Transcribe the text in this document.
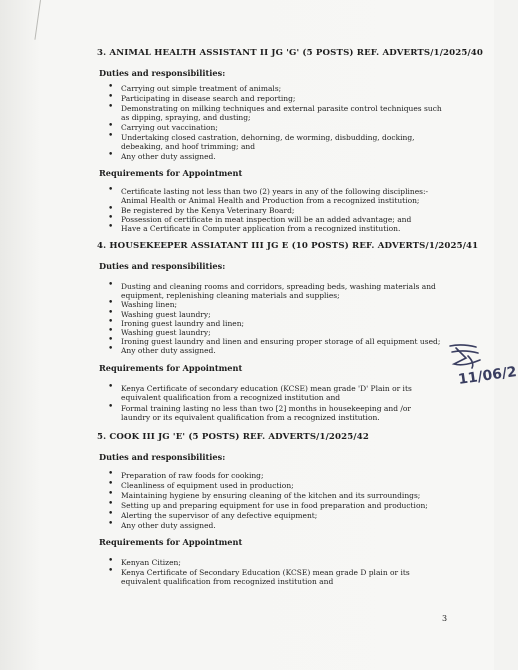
3. ANIMAL HEALTH ASSISTANT II JG 'G' (5 POSTS) REF. ADVERTS/1/2025/40
Duties and responsibilities:
• Carrying out simple treatment of animals;
• Participating in disease search and reporting;
• Demonstrating on milking techniques and external parasite control techniques such
as dipping, spraying, and dusting;
• Carrying out vaccination;
• Undertaking closed castration, dehorning, de worming, disbudding, docking,
debeaking, and hoof trimming; and
• Any other duty assigned.
Requirements for Appointment
• Certificate lasting not less than two (2) years in any of the following disciplines:-
Animal Health or Animal Health and Production from a recognized institution;
• Be registered by the Kenya Veterinary Board;
• Possession of certificate in meat inspection will be an added advantage; and
• Have a Certificate in Computer application from a recognized institution.
4. HOUSEKEEPER ASSIATANT III JG E (10 POSTS) REF. ADVERTS/1/2025/41
Duties and responsibilities:
• Dusting and cleaning rooms and corridors, spreading beds, washing materials and
equipment, replenishing cleaning materials and supplies;
• Washing linen;
• Washing guest laundry;
• Ironing guest laundry and linen;
• Washing guest laundry;
• Ironing guest laundry and linen and ensuring proper storage of all equipment used;
• Any other duty assigned.
Requirements for Appointment
• Kenya Certificate of secondary education (KCSE) mean grade 'D' Plain or its
equivalent qualification from a recognized institution and
• Formal training lasting no less than two [2] months in housekeeping and /or
laundry or its equivalent qualification from a recognized institution.
5. COOK III JG 'E' (5 POSTS) REF. ADVERTS/1/2025/42
Duties and responsibilities:
• Preparation of raw foods for cooking;
• Cleanliness of equipment used in production;
• Maintaining hygiene by ensuring cleaning of the kitchen and its surroundings;
• Setting up and preparing equipment for use in food preparation and production;
• Alerting the supervisor of any defective equipment;
• Any other duty assigned.
Requirements for Appointment
• Kenyan Citizen;
• Kenya Certificate of Secondary Education (KCSE) mean grade D plain or its
equivalent qualification from recognized institution and
3
11/06/2
